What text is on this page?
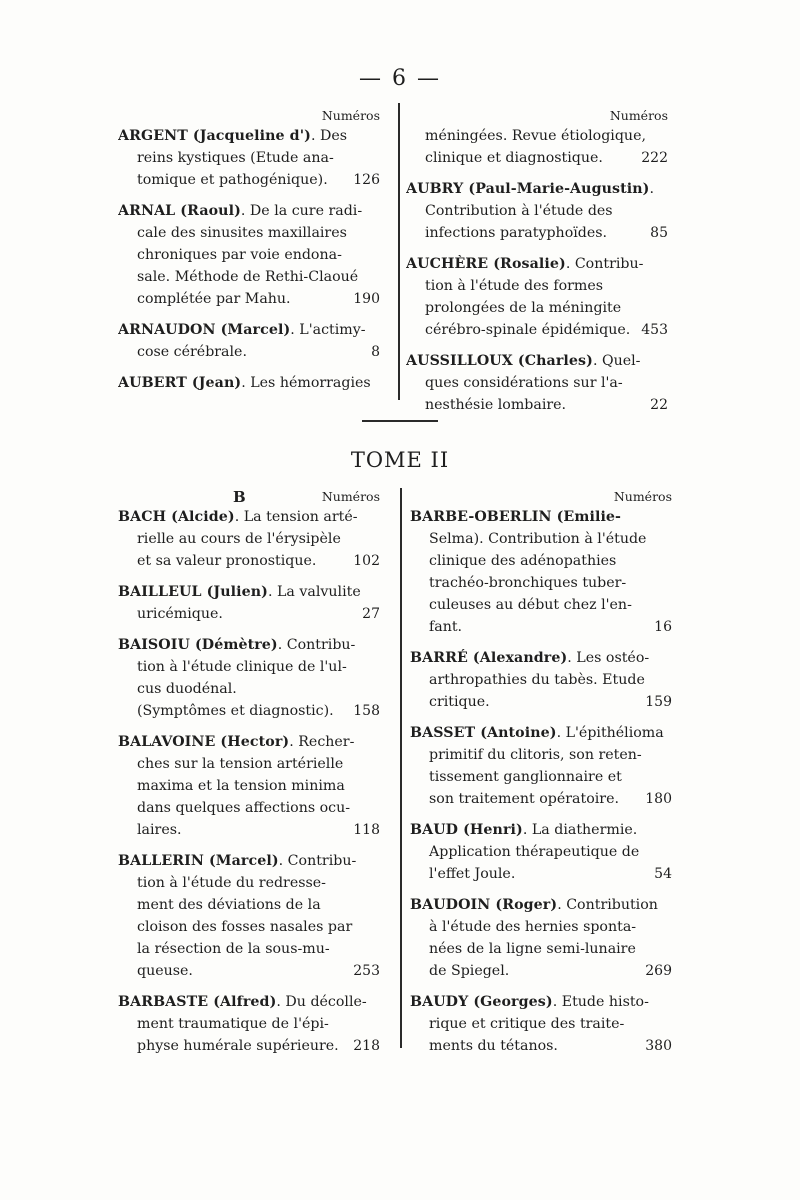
— 6 —
Numéros
ARGENT (Jacqueline d'). Des
reins kystiques (Etude ana-
tomique et pathogénique).	126
ARNAL (Raoul). De la cure radi-
cale des sinusites maxillaires
chroniques par voie endona-
sale. Méthode de Rethi-Claoué
complétée par Mahu.	190
ARNAUDON (Marcel). L'actimy-
cose cérébrale.	8
AUBERT (Jean). Les hémorragies
Numéros
méningées. Revue étiologique,
clinique et diagnostique.	222
AUBRY (Paul-Marie-Augustin).
Contribution à l'étude des
infections paratyphoïdes.	85
AUCHÈRE (Rosalie). Contribu-
tion à l'étude des formes
prolongées de la méningite
cérébro-spinale épidémique. 453
AUSSILLOUX (Charles). Quel-
ques considérations sur l'a-
nesthésie lombaire.	22
TOME II
B	Numéros
BACH (Alcide). La tension arté-
rielle au cours de l'érysipèle
et sa valeur pronostique.	102
BAILLEUL (Julien). La valvulite
uricémique.	27
BAISOIU (Démètre). Contribu-
tion à l'étude clinique de l'ul-
cus duodénal.
(Symptômes et diagnostic).	158
BALAVOINE (Hector). Recher-
ches sur la tension artérielle
maxima et la tension minima
dans quelques affections ocu-
laires.	118
BALLERIN (Marcel). Contribu-
tion à l'étude du redresse-
ment des déviations de la
cloison des fosses nasales par
la résection de la sous-mu-
queuse.	253
BARBASTE (Alfred). Du décolle-
ment traumatique de l'épi-
physe humérale supérieure.	218
Numéros
BARBE-OBERLIN (Emilie-
Selma). Contribution à l'étude
clinique des adénopathies
trachéo-bronchiques tuber-
culeuses au début chez l'en-
fant.	16
BARRÉ (Alexandre). Les ostéo-
arthropathies du tabès. Etude
critique.	159
BASSET (Antoine). L'épithélioma
primitif du clitoris, son reten-
tissement ganglionnaire et
son traitement opératoire.	180
BAUD (Henri). La diathermie.
Application thérapeutique de
l'effet Joule.	54
BAUDOIN (Roger). Contribution
à l'étude des hernies sponta-
nées de la ligne semi-lunaire
de Spiegel.	269
BAUDY (Georges). Etude histo-
rique et critique des traite-
ments du tétanos.	380
